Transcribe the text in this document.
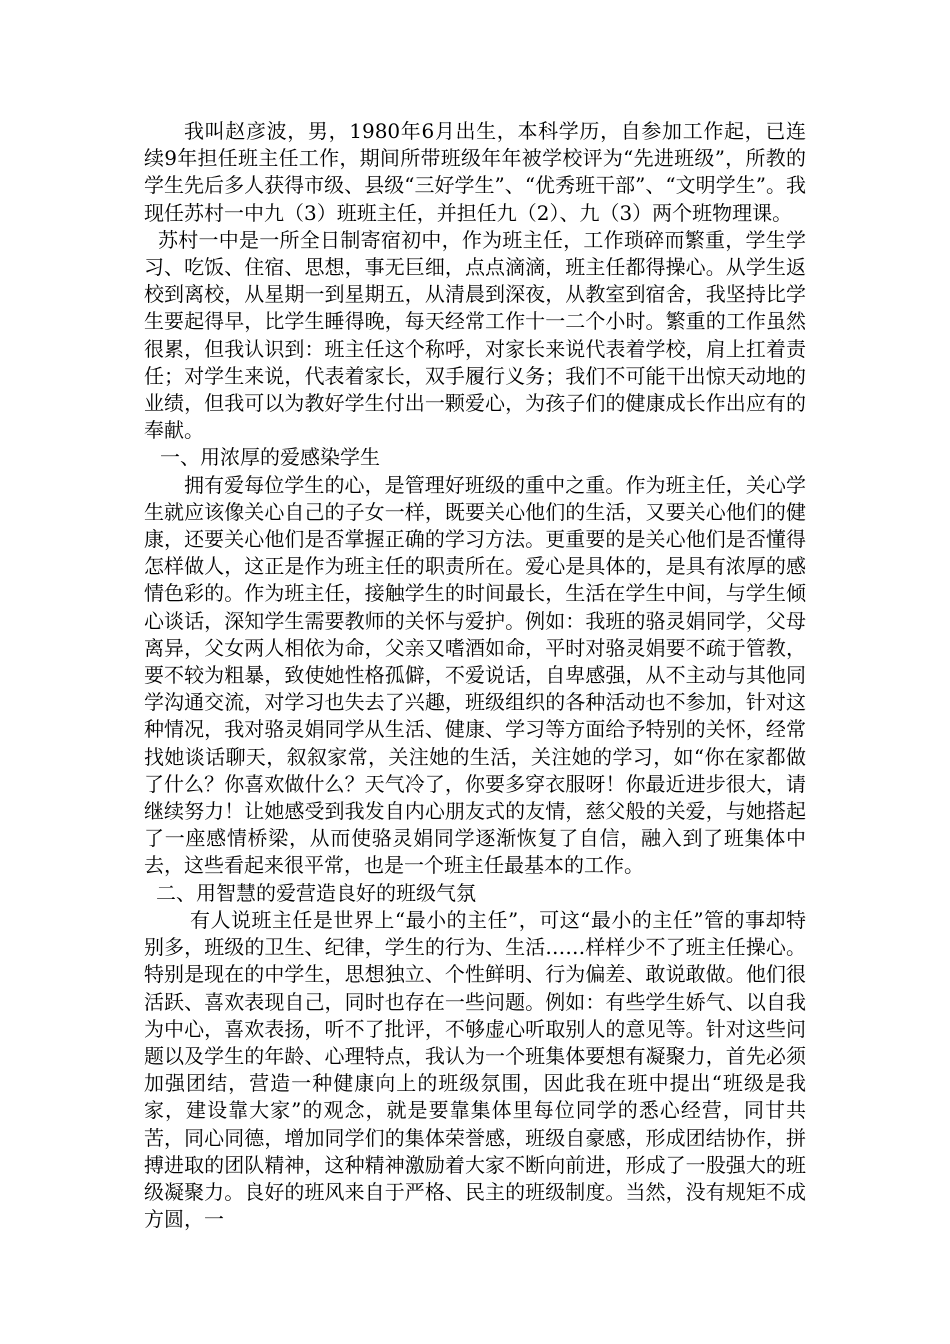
我叫赵彦波，男，1980年6月出生，本科学历，自参加工作起，已连续9年担任班主任工作，期间所带班级年年被学校评为“先进班级”，所教的学生先后多人获得市级、县级“三好学生”、“优秀班干部”、“文明学生”。我现任苏村一中九（3）班班主任，并担任九（2）、九（3）两个班物理课。

苏村一中是一所全日制寄宿初中，作为班主任，工作琐碎而繁重，学生学习、吃饭、住宿、思想，事无巨细，点点滴滴，班主任都得操心。从学生返校到离校，从星期一到星期五，从清晨到深夜，从教室到宿舍，我坚持比学生要起得早，比学生睡得晚，每天经常工作十一二个小时。繁重的工作虽然很累，但我认识到：班主任这个称呼，对家长来说代表着学校，肩上扛着责任；对学生来说，代表着家长，双手履行义务；我们不可能干出惊天动地的业绩，但我可以为教好学生付出一颗爱心，为孩子们的健康成长作出应有的奉献。

一、用浓厚的爱感染学生

拥有爱每位学生的心，是管理好班级的重中之重。作为班主任，关心学生就应该像关心自己的子女一样，既要关心他们的生活，又要关心他们的健康，还要关心他们是否掌握正确的学习方法。更重要的是关心他们是否懂得怎样做人，这正是作为班主任的职责所在。爱心是具体的，是具有浓厚的感情色彩的。作为班主任，接触学生的时间最长，生活在学生中间，与学生倾心谈话，深知学生需要教师的关怀与爱护。例如：我班的骆灵娟同学，父母离异，父女两人相依为命，父亲又嗜酒如命，平时对骆灵娟要不疏于管教，要不较为粗暴，致使她性格孤僻，不爱说话，自卑感强，从不主动与其他同学沟通交流，对学习也失去了兴趣，班级组织的各种活动也不参加，针对这种情况，我对骆灵娟同学从生活、健康、学习等方面给予特别的关怀，经常找她谈话聊天，叙叙家常，关注她的生活，关注她的学习，如“你在家都做了什么？你喜欢做什么？天气冷了，你要多穿衣服呀！你最近进步很大，请继续努力！让她感受到我发自内心朋友式的友情，慈父般的关爱，与她搭起了一座感情桥梁，从而使骆灵娟同学逐渐恢复了自信，融入到了班集体中去，这些看起来很平常，也是一个班主任最基本的工作。

二、用智慧的爱营造良好的班级气氛

有人说班主任是世界上“最小的主任”，可这“最小的主任”管的事却特别多，班级的卫生、纪律，学生的行为、生活……样样少不了班主任操心。特别是现在的中学生，思想独立、个性鲜明、行为偏差、敢说敢做。他们很活跃、喜欢表现自己，同时也存在一些问题。例如：有些学生娇气、以自我为中心，喜欢表扬，听不了批评，不够虚心听取别人的意见等。针对这些问题以及学生的年龄、心理特点，我认为一个班集体要想有凝聚力，首先必须加强团结，营造一种健康向上的班级氛围，因此我在班中提出“班级是我家，建设靠大家”的观念，就是要靠集体里每位同学的悉心经营，同甘共苦，同心同德，增加同学们的集体荣誉感，班级自豪感，形成团结协作，拼搏进取的团队精神，这种精神激励着大家不断向前进，形成了一股强大的班级凝聚力。良好的班风来自于严格、民主的班级制度。当然，没有规矩不成方圆，一
